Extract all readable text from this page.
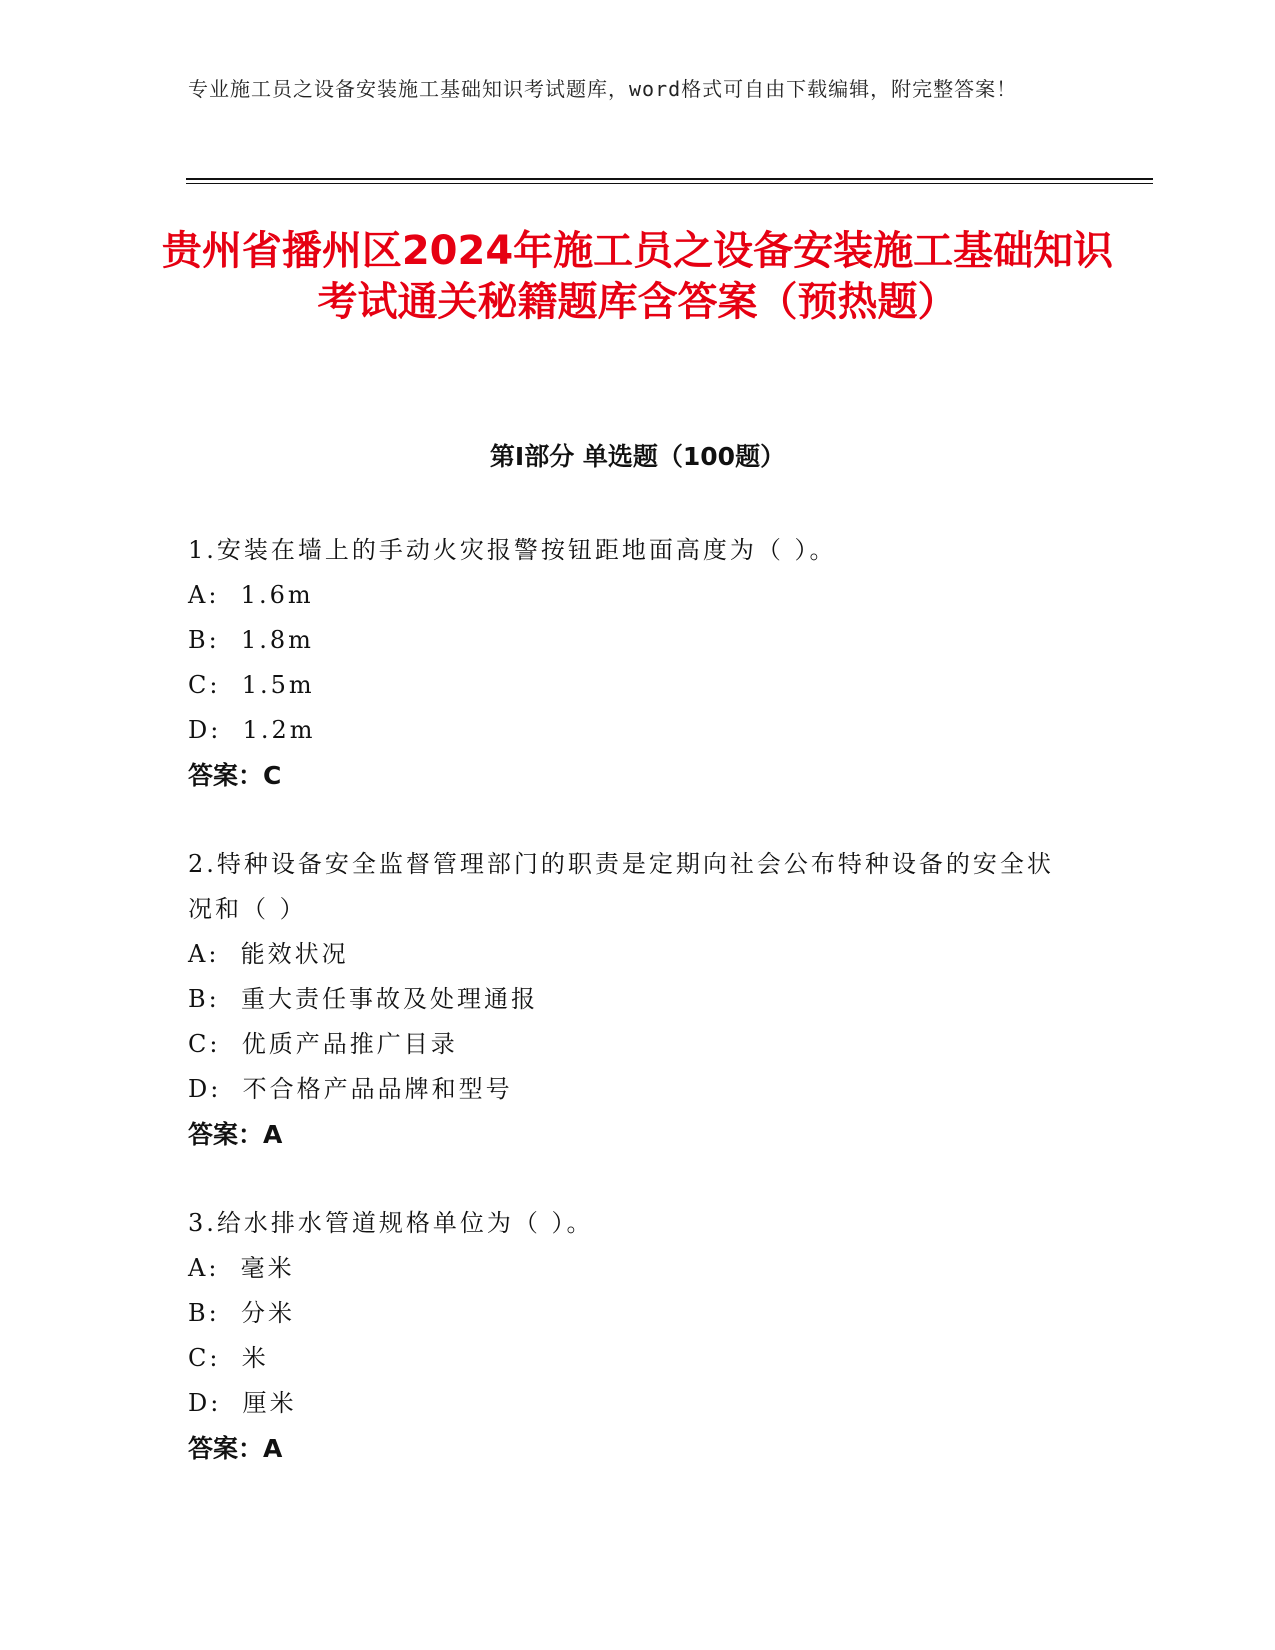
专业施工员之设备安装施工基础知识考试题库，word格式可自由下载编辑，附完整答案！
贵州省播州区2024年施工员之设备安装施工基础知识考试通关秘籍题库含答案（预热题）
第Ⅰ部分 单选题（100题）
1.安装在墙上的手动火灾报警按钮距地面高度为（ ）。
A:  1.6m
B:  1.8m
C:  1.5m
D:  1.2m
答案：C
2.特种设备安全监督管理部门的职责是定期向社会公布特种设备的安全状况和（ ）
A:  能效状况
B:  重大责任事故及处理通报
C:  优质产品推广目录
D:  不合格产品品牌和型号
答案：A
3.给水排水管道规格单位为（ ）。
A:  毫米
B:  分米
C:  米
D:  厘米
答案：A
